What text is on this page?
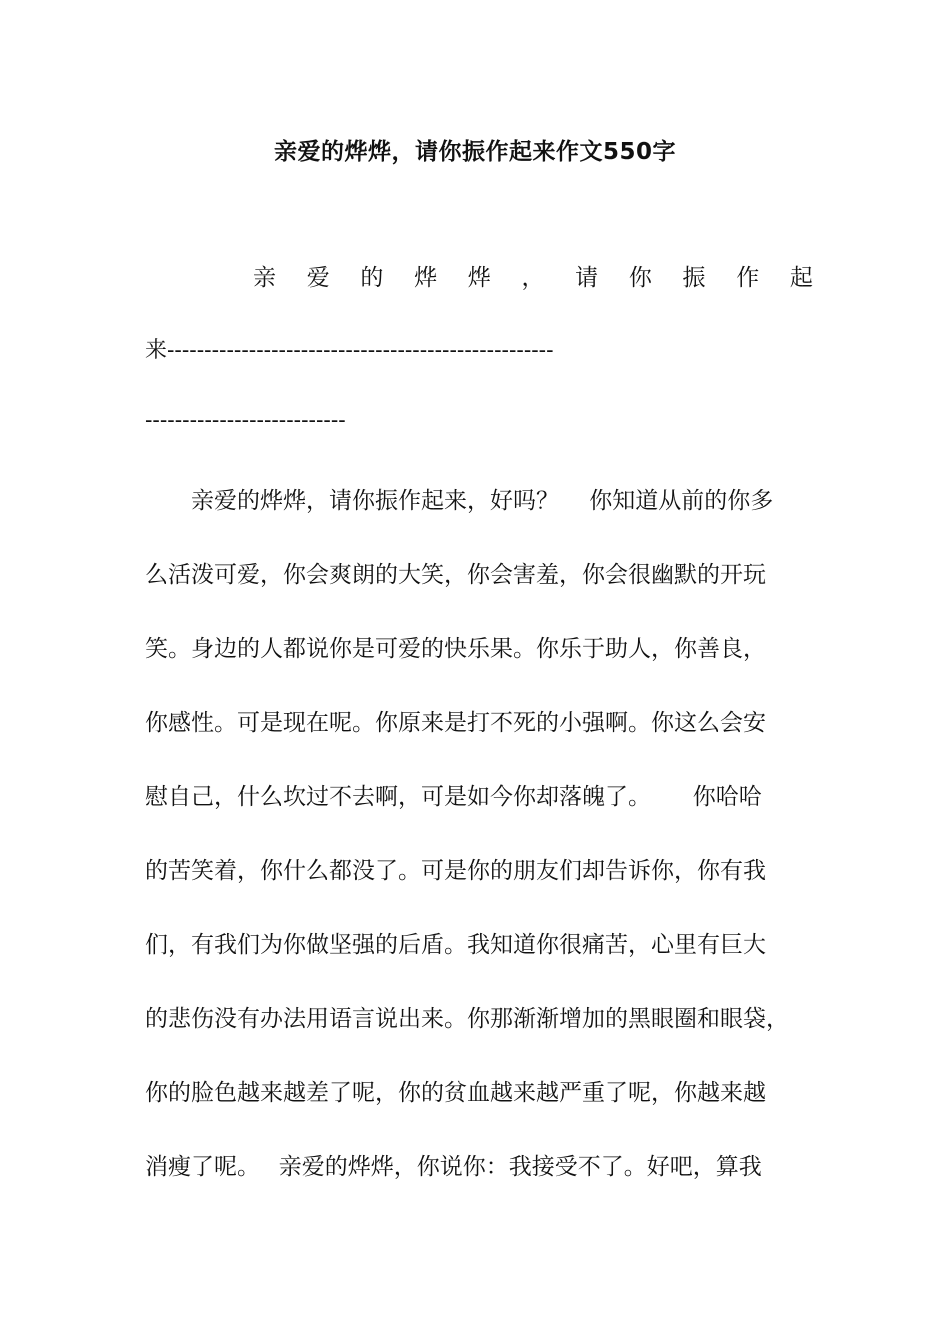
亲爱的烨烨，请你振作起来作文550字
亲 爱 的 烨 烨 ， 请 你 振 作 起
来----------------------------------------------------
---------------------------
　　亲爱的烨烨，请你振作起来，好吗？　 你知道从前的你多
么活泼可爱，你会爽朗的大笑，你会害羞，你会很幽默的开玩
笑。身边的人都说你是可爱的快乐果。你乐于助人，你善良，
你感性。可是现在呢。你原来是打不死的小强啊。你这么会安
慰自己，什么坎过不去啊，可是如今你却落魄了。　　 你哈哈
的苦笑着，你什么都没了。可是你的朋友们却告诉你，你有我
们，有我们为你做坚强的后盾。我知道你很痛苦，心里有巨大
的悲伤没有办法用语言说出来。你那渐渐增加的黑眼圈和眼袋，
你的脸色越来越差了呢，你的贫血越来越严重了呢，你越来越
消瘦了呢。　 亲爱的烨烨，你说你：我接受不了。好吧，算我
